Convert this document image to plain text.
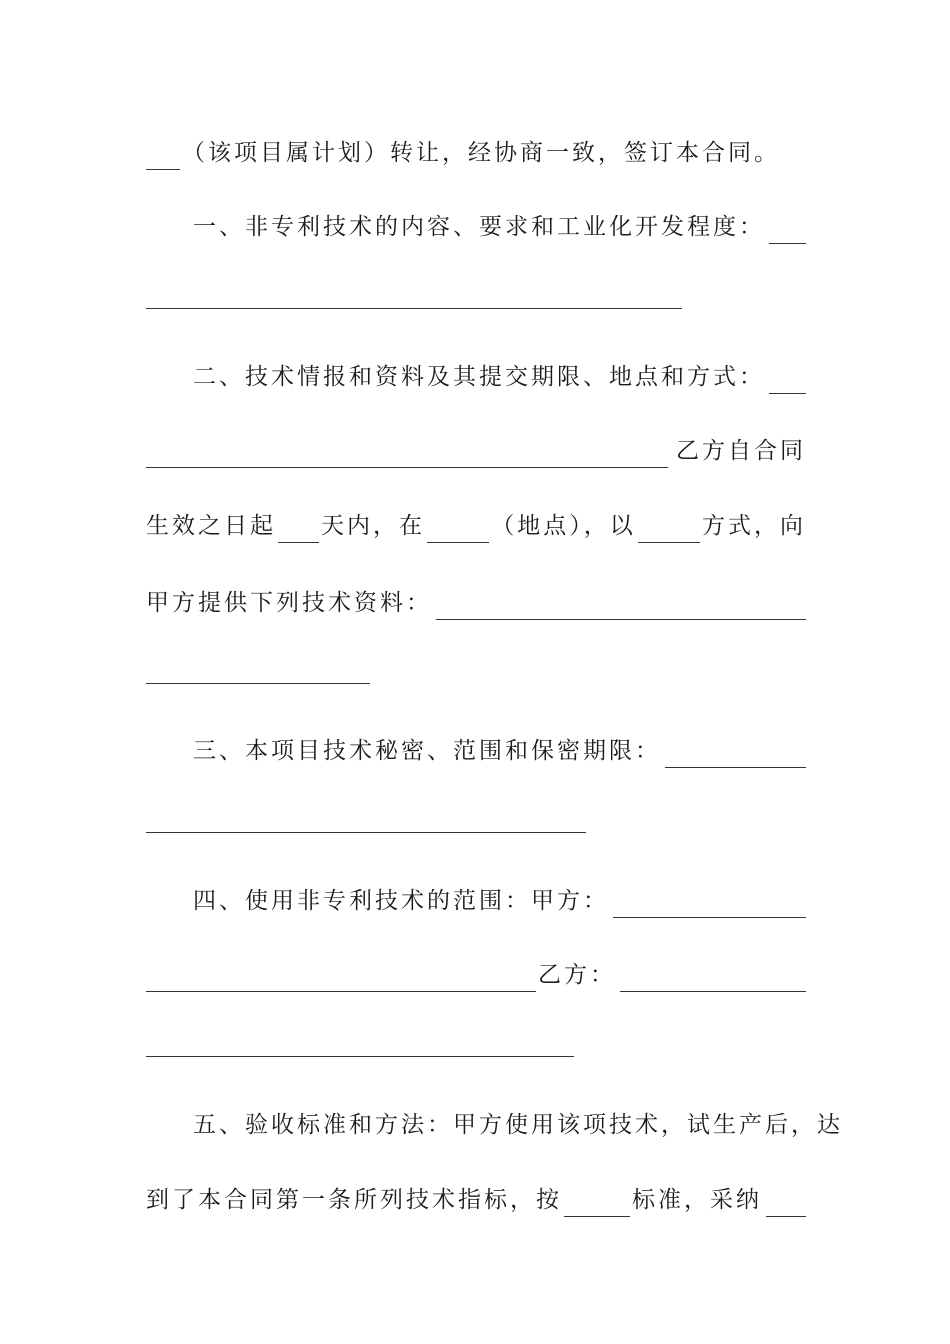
（该项目属计划）转让，经协商一致，签订本合同。
一、非专利技术的内容、要求和工业化开发程度：
二、技术情报和资料及其提交期限、地点和方式：
乙方自合同
生效之日起 天内，在	（地点），以	方式，向
甲方提供下列技术资料：
三、本项目技术秘密、范围和保密期限：
四、使用非专利技术的范围：甲方：
乙方：
五、验收标准和方法：甲方使用该项技术，试生产后，达
到了本合同第一条所列技术指标，按	标准，采纳
